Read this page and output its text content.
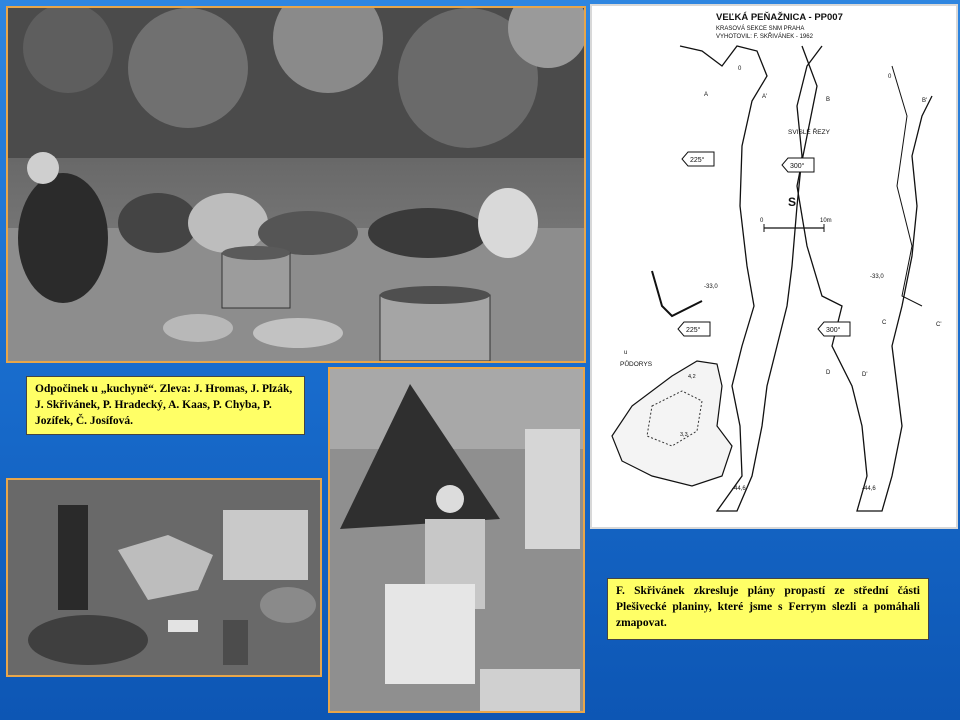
VEĽKÁ PEŇAŽNICA - PP007
KRASOVÁ SEKCE SNM PRAHA
VYHOTOVIL: F. SKŘIVÁNEK - 1962
SVISLÉ ŘEZY
S
0	10m
225°
300°
225°	300°
-33,0
-33,0
-44,6	-44,6
A	A'	B	B'
C	C'
D	D'
0
0
u
PŮDORYS
4,2
3,3
Odpočinek u „kuchyně“. Zleva: J. Hromas, J. Plzák, J. Skřivánek, P. Hradecký, A. Kaas, P. Chyba, P. Jozífek, Č. Josífová.
F. Skřivánek zkresluje plány propastí ze střední části Plešivecké planiny, které jsme s Ferrym slezli a pomáhali zmapovat.
